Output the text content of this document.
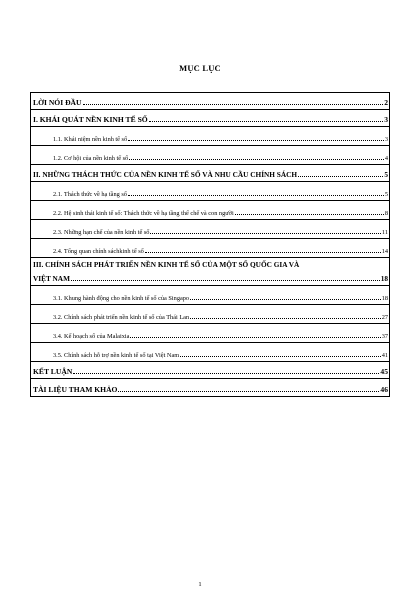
MỤC LỤC
LỜI NÓI ĐẦU	2
I. KHÁI QUÁT NỀN KINH TẾ SỐ	3
1.1. Khái niệm nền kinh tế số	3
1.2. Cơ hội của nền kinh tế số	4
II. NHỮNG THÁCH THỨC CỦA NỀN KINH TẾ SỐ VÀ NHU CẦU CHÍNH SÁCH	5
2.1. Thách thức về hạ tầng số	5
2.2. Hệ sinh thái kinh tế số: Thách thức về hạ tầng thể chế và con người	8
2.3. Những hạn chế của nền kinh tế số	11
2.4. Tổng quan chính sáchkinh tế số	14
III. CHÍNH SÁCH PHÁT TRIỂN NỀN KINH TẾ SỐ CỦA MỘT SỐ QUỐC GIA VÀ
VIỆT NAM	18
3.1. Khung hành động cho nền kinh tế số của Singapo	18
3.2. Chính sách phát triển nền kinh tế số của Thái Lan	27
3.4. Kế hoạch số của Malaixia	37
3.5. Chính sách hỗ trợ nền kinh tế số tại Việt Nam	41
KẾT LUẬN	45
TÀI LIỆU THAM KHẢO	46
1
